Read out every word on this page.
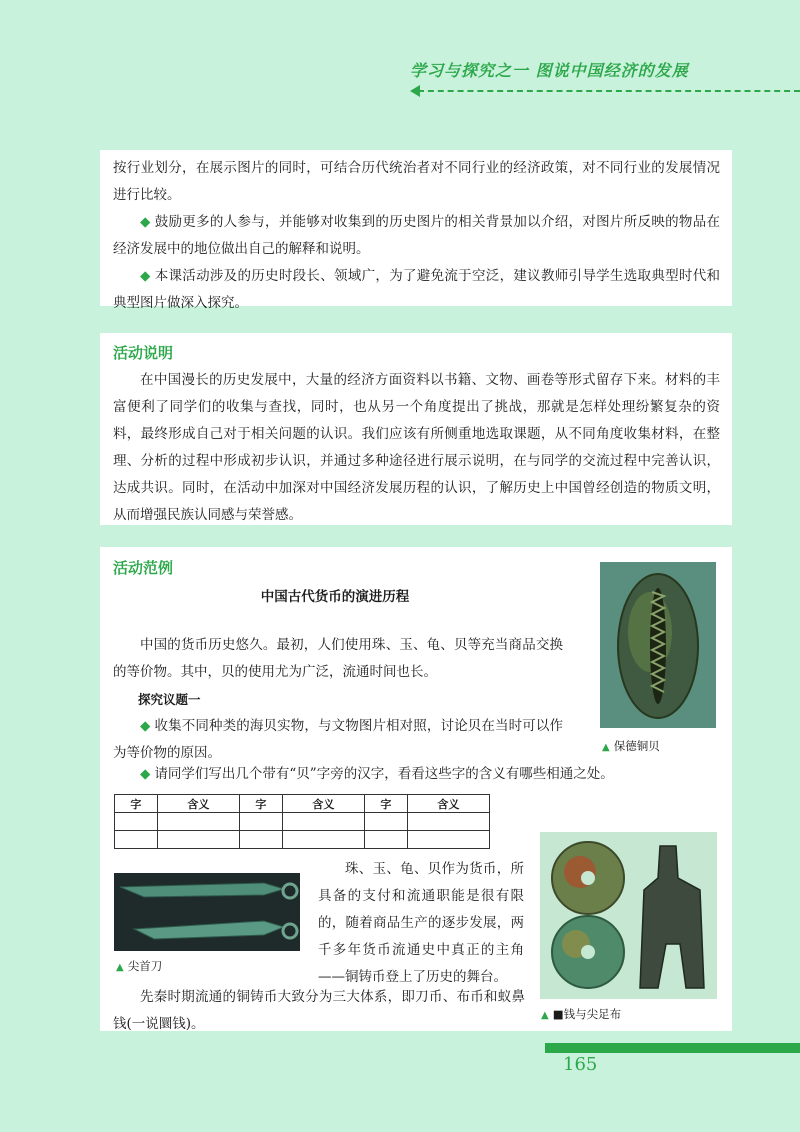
学习与探究之一 图说中国经济的发展

按行业划分，在展示图片的同时，可结合历代统治者对不同行业的经济政策，对不同行业的发展情况进行比较。

◆ 鼓励更多的人参与，并能够对收集到的历史图片的相关背景加以介绍，对图片所反映的物品在经济发展中的地位做出自己的解释和说明。

◆ 本课活动涉及的历史时段长、领域广，为了避免流于空泛，建议教师引导学生选取典型时代和典型图片做深入探究。

活动说明

在中国漫长的历史发展中，大量的经济方面资料以书籍、文物、画卷等形式留存下来。材料的丰富便利了同学们的收集与查找，同时，也从另一个角度提出了挑战，那就是怎样处理纷繁复杂的资料，最终形成自己对于相关问题的认识。我们应该有所侧重地选取课题，从不同角度收集材料，在整理、分析的过程中形成初步认识，并通过多种途径进行展示说明，在与同学的交流过程中完善认识，达成共识。同时，在活动中加深对中国经济发展历程的认识，了解历史上中国曾经创造的物质文明，从而增强民族认同感与荣誉感。

活动范例

中国古代货币的演进历程

中国的货币历史悠久。最初，人们使用珠、玉、龟、贝等充当商品交换的等价物。其中，贝的使用尤为广泛，流通时间也长。

探究议题一

◆ 收集不同种类的海贝实物，与文物图片相对照，讨论贝在当时可以作为等价物的原因。

◆ 请同学们写出几个带有“贝”字旁的汉字，看看这些字的含义有哪些相通之处。

字	含义	字	含义	字	含义

珠、玉、龟、贝作为货币，所具备的支付和流通职能是很有限的，随着商品生产的逐步发展，两千多年货币流通史中真正的主角——铜铸币登上了历史的舞台。

先秦时期流通的铜铸币大致分为三大体系，即刀币、布币和蚁鼻钱(一说圜钱)。

▲ 保德铜贝
▲ 尖首刀
▲ ■钱与尖足布
165
